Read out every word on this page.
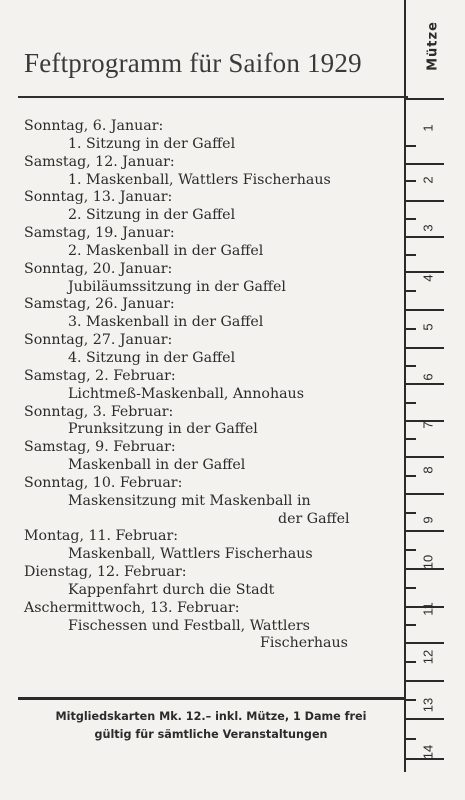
Feftprogramm für Saifon 1929	Mütze
1
2
3
4
5
6
7
8
9
10
11
12
13
14
Sonntag, 6. Januar:
1. Sitzung in der Gaffel
Samstag, 12. Januar:
1. Maskenball, Wattlers Fischerhaus
Sonntag, 13. Januar:
2. Sitzung in der Gaffel
Samstag, 19. Januar:
2. Maskenball in der Gaffel
Sonntag, 20. Januar:
Jubiläumssitzung in der Gaffel
Samstag, 26. Januar:
3. Maskenball in der Gaffel
Sonntag, 27. Januar:
4. Sitzung in der Gaffel
Samstag, 2. Februar:
Lichtmeß-Maskenball, Annohaus
Sonntag, 3. Februar:
Prunksitzung in der Gaffel
Samstag, 9. Februar:
Maskenball in der Gaffel
Sonntag, 10. Februar:
Maskensitzung mit Maskenball in
der Gaffel
Montag, 11. Februar:
Maskenball, Wattlers Fischerhaus
Dienstag, 12. Februar:
Kappenfahrt durch die Stadt
Aschermittwoch, 13. Februar:
Fischessen und Festball, Wattlers
Fischerhaus
Mitgliedskarten Mk. 12.– inkl. Mütze, 1 Dame frei
gültig für sämtliche Veranstaltungen
